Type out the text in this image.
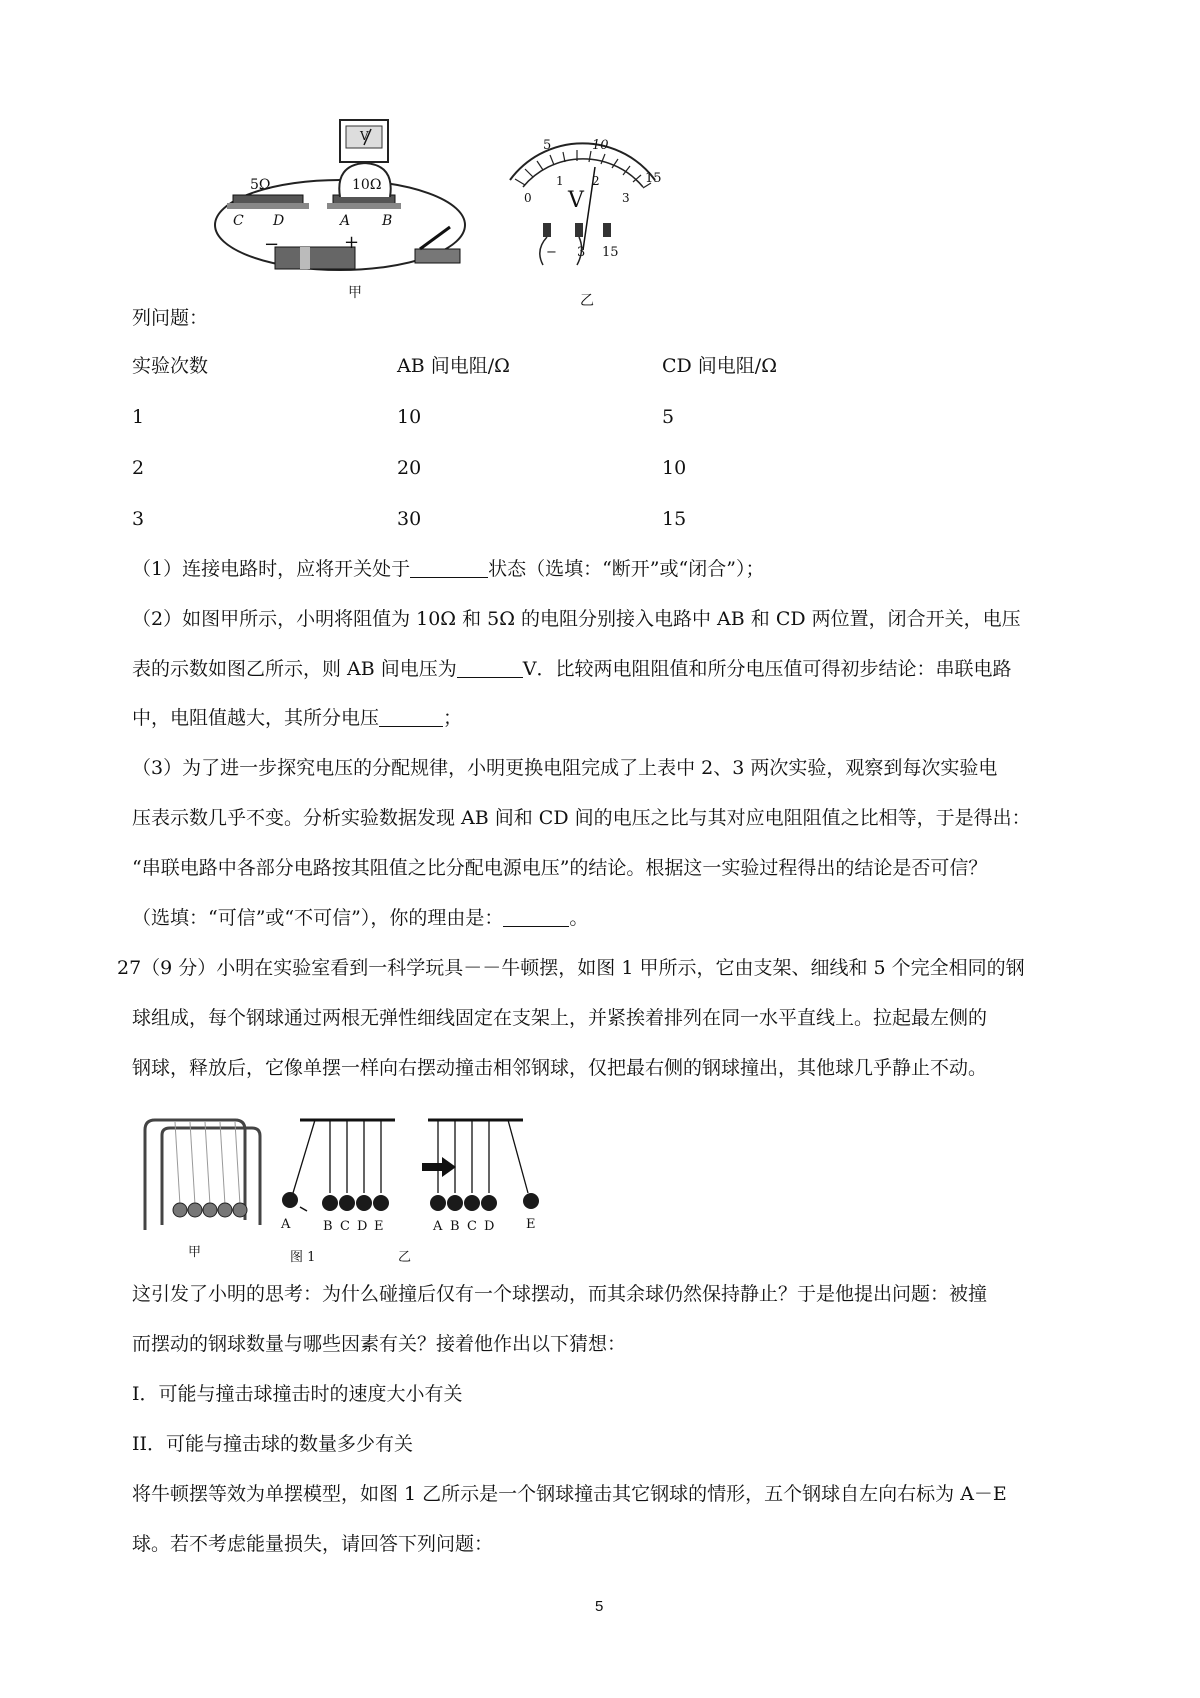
5Ω	10Ω
C D	A B
V
−	+
甲
5	10
15
0
1 2
3
V
− 3 15
乙
列问题：
实验次数	AB 间电阻/Ω	CD 间电阻/Ω
1	10	5
2	20	10
3	30	15
（1）连接电路时，应将开关处于	状态（选填：“断开”或“闭合”）；
（2）如图甲所示，小明将阻值为 10Ω 和 5Ω 的电阻分别接入电路中 AB 和 CD 两位置，闭合开关，电压
表的示数如图乙所示，则 AB 间电压为	V．比较两电阻阻值和所分电压值可得初步结论：串联电路
中，电阻值越大，其所分电压	；
（3）为了进一步探究电压的分配规律，小明更换电阻完成了上表中 2、3 两次实验，观察到每次实验电
压表示数几乎不变。分析实验数据发现 AB 间和 CD 间的电压之比与其对应电阻阻值之比相等，于是得出：
“串联电路中各部分电路按其阻值之比分配电源电压”的结论。根据这一实验过程得出的结论是否可信？
（选填：“可信”或“不可信”），你的理由是：	。
27（9 分）小明在实验室看到一科学玩具－－牛顿摆，如图 1 甲所示，它由支架、细线和 5 个完全相同的钢
球组成，每个钢球通过两根无弹性细线固定在支架上，并紧挨着排列在同一水平直线上。拉起最左侧的
钢球，释放后，它像单摆一样向右摆动撞击相邻钢球，仅把最右侧的钢球撞出，其他球几乎静止不动。
A	B C D E	A B C D E
甲	图 1	乙
这引发了小明的思考：为什么碰撞后仅有一个球摆动，而其余球仍然保持静止？于是他提出问题：被撞
而摆动的钢球数量与哪些因素有关？接着他作出以下猜想：
I．可能与撞击球撞击时的速度大小有关
II．可能与撞击球的数量多少有关
将牛顿摆等效为单摆模型，如图 1 乙所示是一个钢球撞击其它钢球的情形，五个钢球自左向右标为 A－E
球。若不考虑能量损失，请回答下列问题：
5
